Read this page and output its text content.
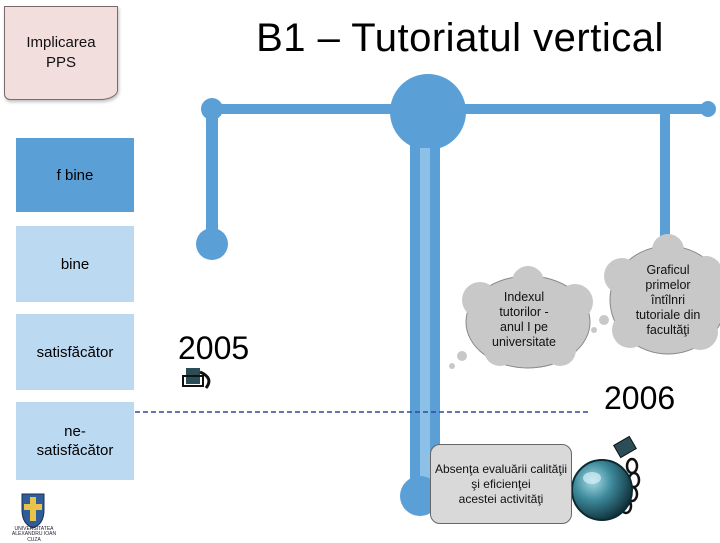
Implicarea
PPS
B1 – Tutoriatul vertical
f bine
bine
satisfăcător
ne-
satisfăcător
2005
2006
Indexul
tutorilor -
anul I pe
universitate
Graficul
primelor
întîlnri
tutoriale din
facultăţi
Absenţa evaluării calităţii
şi eficienţei
acestei activităţi
UNIVERSITATEA
ALEXANDRU IOAN CUZA
